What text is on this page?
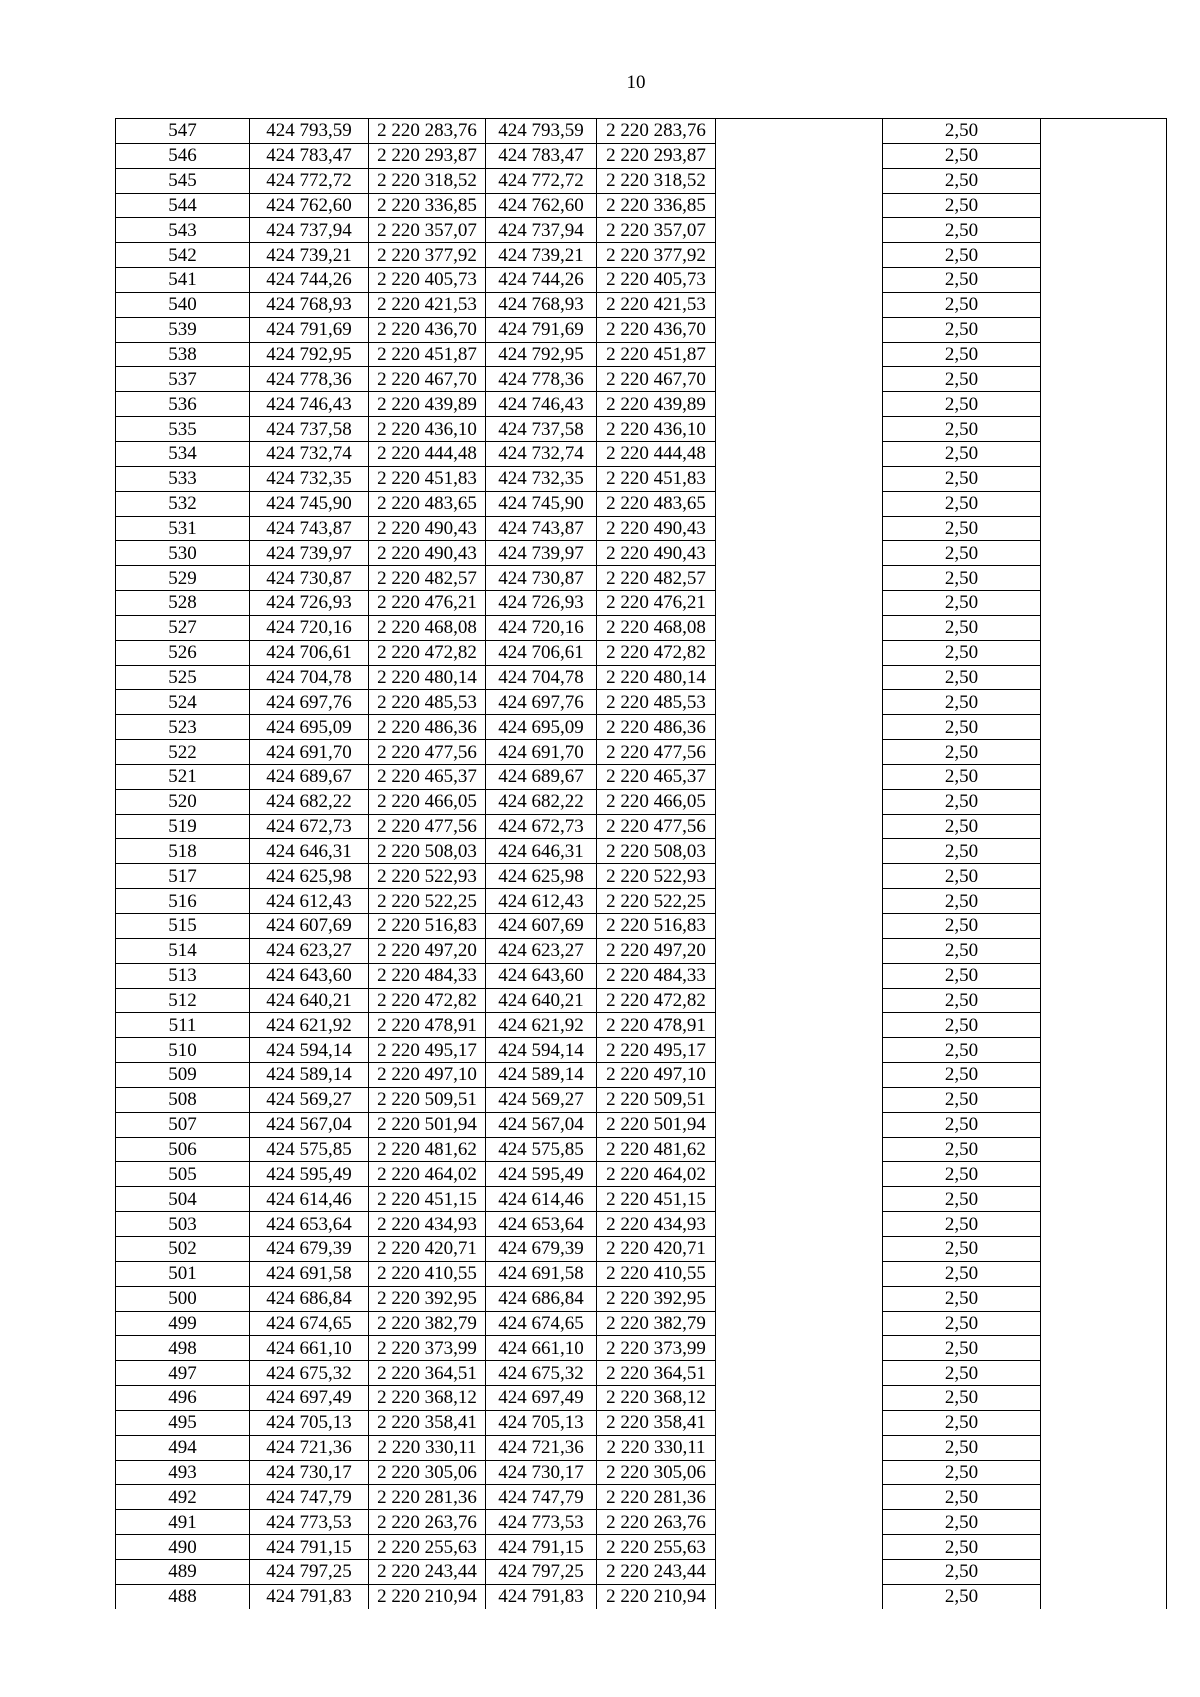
10
547	424 793,59	2 220 283,76	424 793,59	2 220 283,76		2,50	
546	424 783,47	2 220 293,87	424 783,47	2 220 293,87		2,50	
545	424 772,72	2 220 318,52	424 772,72	2 220 318,52		2,50	
544	424 762,60	2 220 336,85	424 762,60	2 220 336,85		2,50	
543	424 737,94	2 220 357,07	424 737,94	2 220 357,07		2,50	
542	424 739,21	2 220 377,92	424 739,21	2 220 377,92		2,50	
541	424 744,26	2 220 405,73	424 744,26	2 220 405,73		2,50	
540	424 768,93	2 220 421,53	424 768,93	2 220 421,53		2,50	
539	424 791,69	2 220 436,70	424 791,69	2 220 436,70		2,50	
538	424 792,95	2 220 451,87	424 792,95	2 220 451,87		2,50	
537	424 778,36	2 220 467,70	424 778,36	2 220 467,70		2,50	
536	424 746,43	2 220 439,89	424 746,43	2 220 439,89		2,50	
535	424 737,58	2 220 436,10	424 737,58	2 220 436,10		2,50	
534	424 732,74	2 220 444,48	424 732,74	2 220 444,48		2,50	
533	424 732,35	2 220 451,83	424 732,35	2 220 451,83		2,50	
532	424 745,90	2 220 483,65	424 745,90	2 220 483,65		2,50	
531	424 743,87	2 220 490,43	424 743,87	2 220 490,43		2,50	
530	424 739,97	2 220 490,43	424 739,97	2 220 490,43		2,50	
529	424 730,87	2 220 482,57	424 730,87	2 220 482,57		2,50	
528	424 726,93	2 220 476,21	424 726,93	2 220 476,21		2,50	
527	424 720,16	2 220 468,08	424 720,16	2 220 468,08		2,50	
526	424 706,61	2 220 472,82	424 706,61	2 220 472,82		2,50	
525	424 704,78	2 220 480,14	424 704,78	2 220 480,14		2,50	
524	424 697,76	2 220 485,53	424 697,76	2 220 485,53		2,50	
523	424 695,09	2 220 486,36	424 695,09	2 220 486,36		2,50	
522	424 691,70	2 220 477,56	424 691,70	2 220 477,56		2,50	
521	424 689,67	2 220 465,37	424 689,67	2 220 465,37		2,50	
520	424 682,22	2 220 466,05	424 682,22	2 220 466,05		2,50	
519	424 672,73	2 220 477,56	424 672,73	2 220 477,56		2,50	
518	424 646,31	2 220 508,03	424 646,31	2 220 508,03		2,50	
517	424 625,98	2 220 522,93	424 625,98	2 220 522,93		2,50	
516	424 612,43	2 220 522,25	424 612,43	2 220 522,25		2,50	
515	424 607,69	2 220 516,83	424 607,69	2 220 516,83		2,50	
514	424 623,27	2 220 497,20	424 623,27	2 220 497,20		2,50	
513	424 643,60	2 220 484,33	424 643,60	2 220 484,33		2,50	
512	424 640,21	2 220 472,82	424 640,21	2 220 472,82		2,50	
511	424 621,92	2 220 478,91	424 621,92	2 220 478,91		2,50	
510	424 594,14	2 220 495,17	424 594,14	2 220 495,17		2,50	
509	424 589,14	2 220 497,10	424 589,14	2 220 497,10		2,50	
508	424 569,27	2 220 509,51	424 569,27	2 220 509,51		2,50	
507	424 567,04	2 220 501,94	424 567,04	2 220 501,94		2,50	
506	424 575,85	2 220 481,62	424 575,85	2 220 481,62		2,50	
505	424 595,49	2 220 464,02	424 595,49	2 220 464,02		2,50	
504	424 614,46	2 220 451,15	424 614,46	2 220 451,15		2,50	
503	424 653,64	2 220 434,93	424 653,64	2 220 434,93		2,50	
502	424 679,39	2 220 420,71	424 679,39	2 220 420,71		2,50	
501	424 691,58	2 220 410,55	424 691,58	2 220 410,55		2,50	
500	424 686,84	2 220 392,95	424 686,84	2 220 392,95		2,50	
499	424 674,65	2 220 382,79	424 674,65	2 220 382,79		2,50	
498	424 661,10	2 220 373,99	424 661,10	2 220 373,99		2,50	
497	424 675,32	2 220 364,51	424 675,32	2 220 364,51		2,50	
496	424 697,49	2 220 368,12	424 697,49	2 220 368,12		2,50	
495	424 705,13	2 220 358,41	424 705,13	2 220 358,41		2,50	
494	424 721,36	2 220 330,11	424 721,36	2 220 330,11		2,50	
493	424 730,17	2 220 305,06	424 730,17	2 220 305,06		2,50	
492	424 747,79	2 220 281,36	424 747,79	2 220 281,36		2,50	
491	424 773,53	2 220 263,76	424 773,53	2 220 263,76		2,50	
490	424 791,15	2 220 255,63	424 791,15	2 220 255,63		2,50	
489	424 797,25	2 220 243,44	424 797,25	2 220 243,44		2,50	
488	424 791,83	2 220 210,94	424 791,83	2 220 210,94		2,50	
